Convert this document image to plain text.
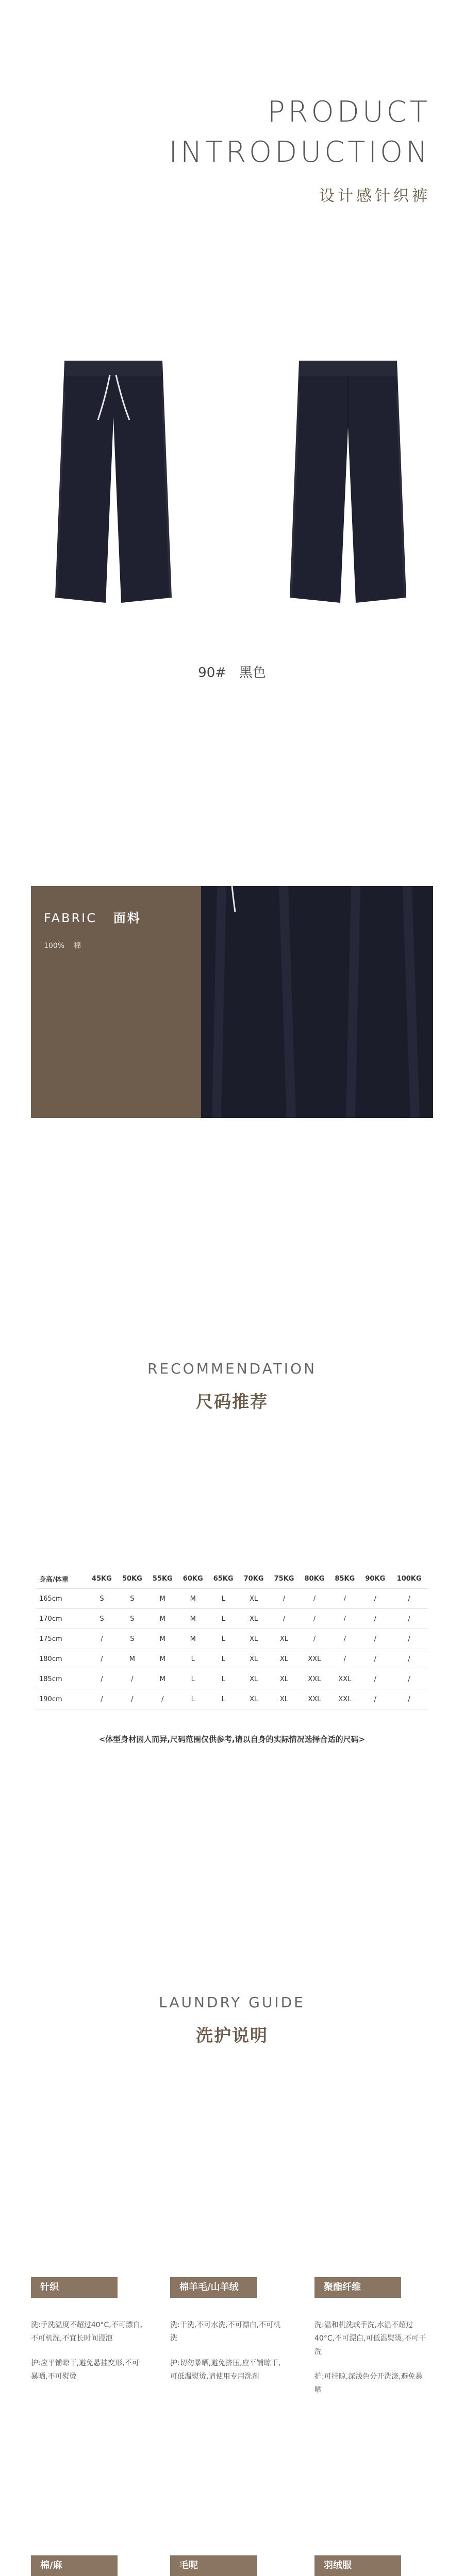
PRODUCT
INTRODUCTION
设计感针织裤
90# 黑色
FABRIC 面料
100% 棉
RECOMMENDATION
尺码推荐
身高/体重	45KG	50KG	55KG	60KG	65KG	70KG	75KG	80KG	85KG	90KG	100KG
165cm	S	S	M	M	L	XL	/	/	/	/	/
170cm	S	S	M	M	L	XL	/	/	/	/	/
175cm	/	S	M	M	L	XL	XL	/	/	/	/
180cm	/	M	M	L	L	XL	XL	XXL	/	/	/
185cm	/	/	M	L	L	XL	XL	XXL	XXL	/	/
190cm	/	/	/	L	L	XL	XL	XXL	XXL	/	/
<体型身材因人而异,尺码范围仅供参考,请以自身的实际情况选择合适的尺码>
LAUNDRY GUIDE
洗护说明
针织

洗:手洗温度不超过40°C,不可漂白,不可机洗,不宜长时间浸泡

护:应平铺晾干,避免悬挂变形,不可暴晒,不可熨烫

棉羊毛/山羊绒

洗:干洗,不可水洗,不可漂白,不可机洗

护:切勿暴晒,避免挤压,应平铺晾干,可低温熨烫,请使用专用洗剂

聚酯纤维

洗:温和机洗或手洗,水温不超过40°C,不可漂白,可低温熨烫,不可干洗

护:可挂晾,深浅色分开洗涤,避免暴晒

棉/麻	毛呢	羽绒服
